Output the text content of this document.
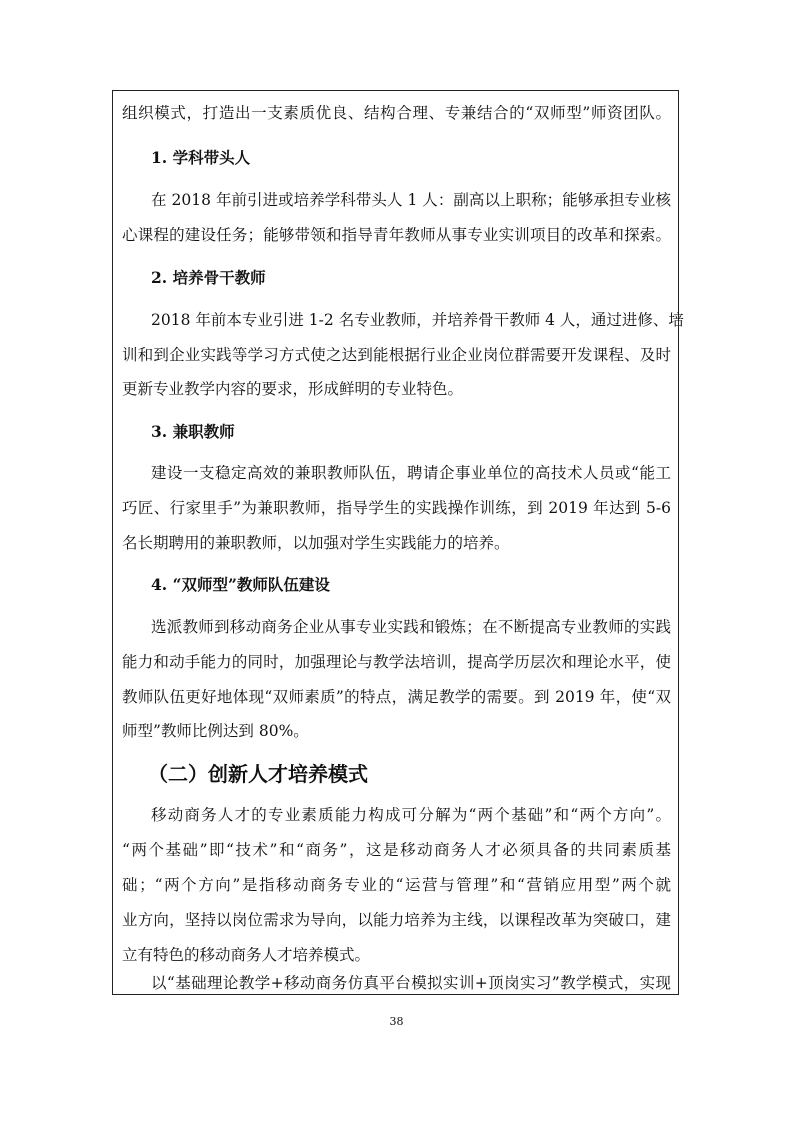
组织模式，打造出一支素质优良、结构合理、专兼结合的“双师型”师资团队。
1. 学科带头人
在 2018 年前引进或培养学科带头人 1 人：副高以上职称；能够承担专业核
心课程的建设任务；能够带领和指导青年教师从事专业实训项目的改革和探索。
2. 培养骨干教师
2018 年前本专业引进 1-2 名专业教师，并培养骨干教师 4 人，通过进修、培
训和到企业实践等学习方式使之达到能根据行业企业岗位群需要开发课程、及时
更新专业教学内容的要求，形成鲜明的专业特色。
3. 兼职教师
建设一支稳定高效的兼职教师队伍，聘请企事业单位的高技术人员或“能工
巧匠、行家里手”为兼职教师，指导学生的实践操作训练，到 2019 年达到 5-6
名长期聘用的兼职教师，以加强对学生实践能力的培养。
4. “双师型”教师队伍建设
选派教师到移动商务企业从事专业实践和锻炼；在不断提高专业教师的实践
能力和动手能力的同时，加强理论与教学法培训，提高学历层次和理论水平，使
教师队伍更好地体现“双师素质”的特点，满足教学的需要。到 2019 年，使“双
师型”教师比例达到 80%。
（二）创新人才培养模式
移动商务人才的专业素质能力构成可分解为“两个基础”和“两个方向”。
“两个基础”即“技术”和“商务”，这是移动商务人才必须具备的共同素质基
础；“两个方向”是指移动商务专业的“运营与管理”和“营销应用型”两个就
业方向，坚持以岗位需求为导向，以能力培养为主线，以课程改革为突破口，建
立有特色的移动商务人才培养模式。
以“基础理论教学+移动商务仿真平台模拟实训+顶岗实习”教学模式，实现
38
